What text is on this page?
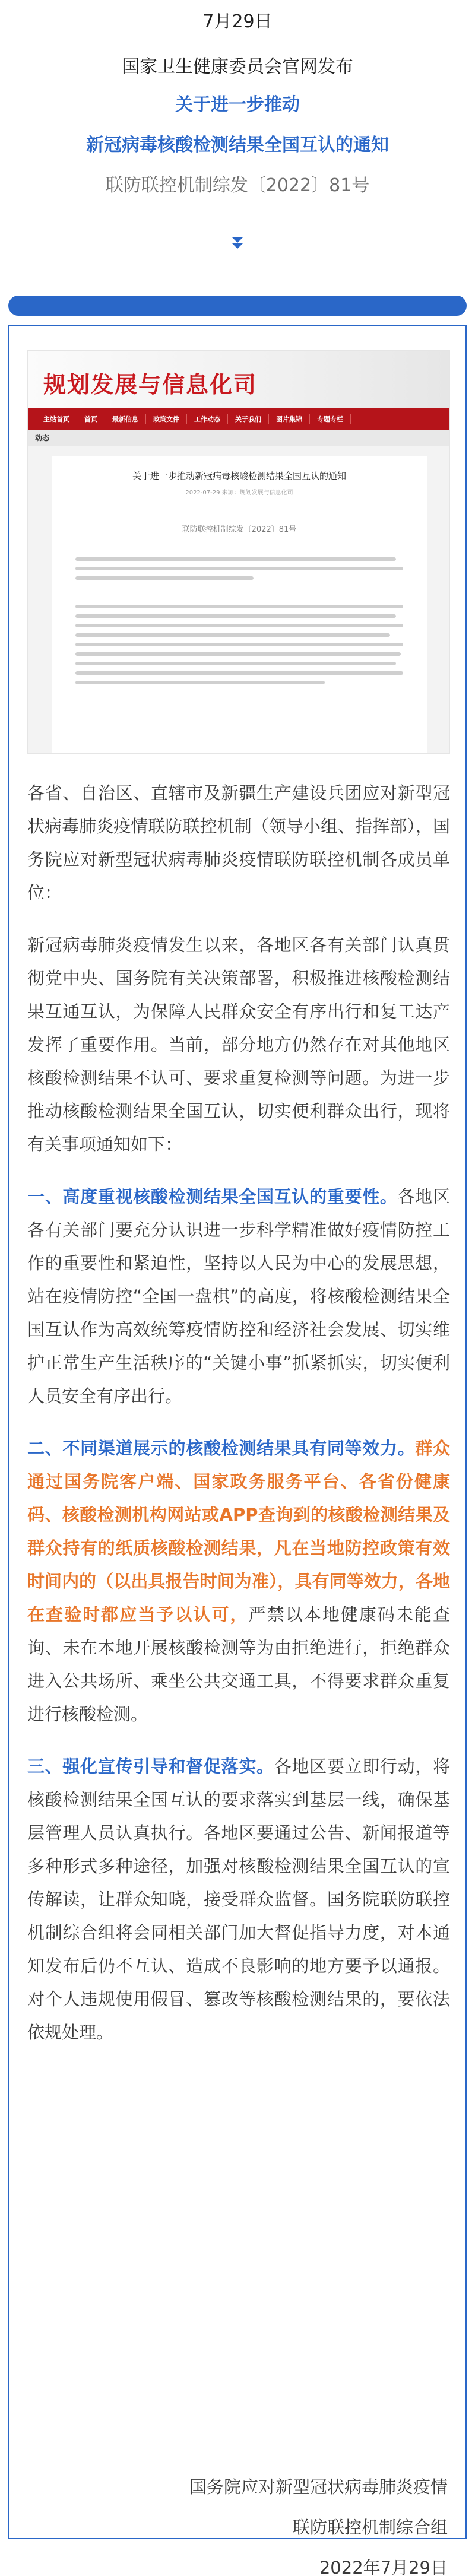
7月29日
国家卫生健康委员会官网发布
关于进一步推动
新冠病毒核酸检测结果全国互认的通知
联防联控机制综发〔2022〕81号
规划发展与信息化司
主站首页	首页	最新信息	政策文件	工作动态	关于我们	图片集锦	专题专栏
动态
关于进一步推动新冠病毒核酸检测结果全国互认的通知
2022-07-29 来源：规划发展与信息化司
联防联控机制综发〔2022〕81号

各省、自治区、直辖市及新疆生产建设兵团应对新型冠状病毒肺炎疫情联防联控机制（领导小组、指挥部），国务院应对新型冠状病毒肺炎疫情联防联控机制各成员单位：

新冠病毒肺炎疫情发生以来，各地区各有关部门认真贯彻党中央、国务院有关决策部署，积极推进核酸检测结果互通互认，为保障人民群众安全有序出行和复工达产发挥了重要作用。当前，部分地方仍然存在对其他地区核酸检测结果不认可、要求重复检测等问题。为进一步推动核酸检测结果全国互认，切实便利群众出行，现将有关事项通知如下：

一、高度重视核酸检测结果全国互认的重要性。各地区各有关部门要充分认识进一步科学精准做好疫情防控工作的重要性和紧迫性，坚持以人民为中心的发展思想，站在疫情防控“全国一盘棋”的高度，将核酸检测结果全国互认作为高效统筹疫情防控和经济社会发展、切实维护正常生产生活秩序的“关键小事”抓紧抓实，切实便利人员安全有序出行。

二、不同渠道展示的核酸检测结果具有同等效力。群众通过国务院客户端、国家政务服务平台、各省份健康码、核酸检测机构网站或APP查询到的核酸检测结果及群众持有的纸质核酸检测结果，凡在当地防控政策有效时间内的（以出具报告时间为准），具有同等效力，各地在查验时都应当予以认可，严禁以本地健康码未能查询、未在本地开展核酸检测等为由拒绝进行，拒绝群众进入公共场所、乘坐公共交通工具，不得要求群众重复进行核酸检测。

三、强化宣传引导和督促落实。各地区要立即行动，将核酸检测结果全国互认的要求落实到基层一线，确保基层管理人员认真执行。各地区要通过公告、新闻报道等多种形式多种途径，加强对核酸检测结果全国互认的宣传解读，让群众知晓，接受群众监督。国务院联防联控机制综合组将会同相关部门加大督促指导力度，对本通知发布后仍不互认、造成不良影响的地方要予以通报。对个人违规使用假冒、篡改等核酸检测结果的，要依法依规处理。

国务院应对新型冠状病毒肺炎疫情
联防联控机制综合组
2022年7月29日
